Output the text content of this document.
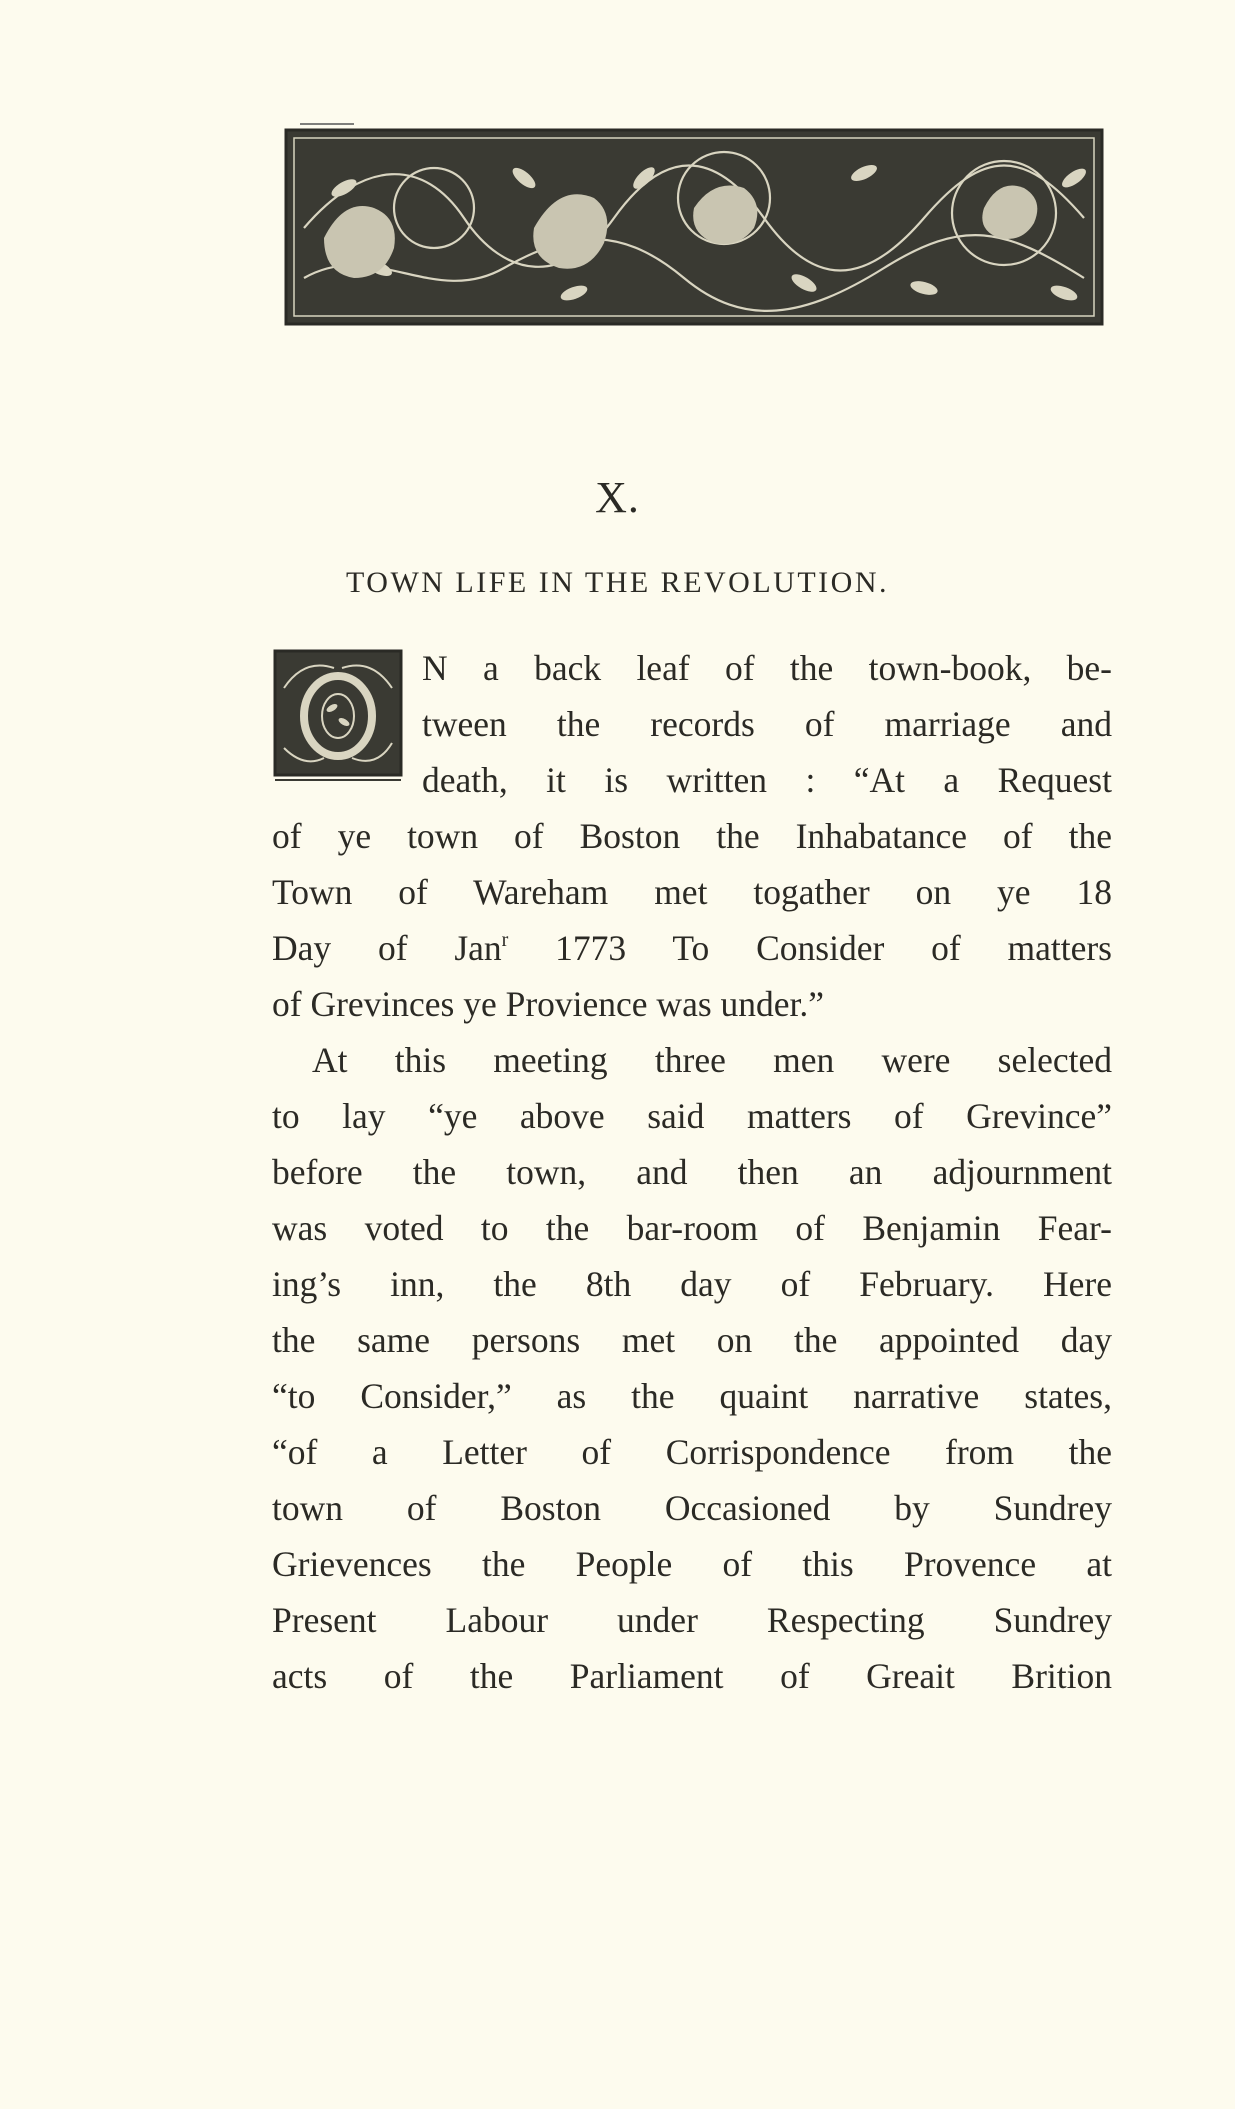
X.
TOWN LIFE IN THE REVOLUTION.
N a back leaf of the town-book, be-
tween the records of marriage and
death, it is written : “At a Request
of ye town of Boston the Inhabatance of the
Town of Wareham met togather on ye 18
Day of Jan$^r$ 1773 To Consider of matters
of Grevinces ye Provience was under.”
At this meeting three men were selected
to lay “ye above said matters of Grevince”
before the town, and then an adjournment
was voted to the bar-room of Benjamin Fear-
ing’s inn, the 8th day of February. Here
the same persons met on the appointed day
“to Consider,” as the quaint narrative states,
“of a Letter of Corrispondence from the
town of Boston Occasioned by Sundrey
Grievences the People of this Provence at
Present Labour under Respecting Sundrey
acts of the Parliament of Greait Brition
